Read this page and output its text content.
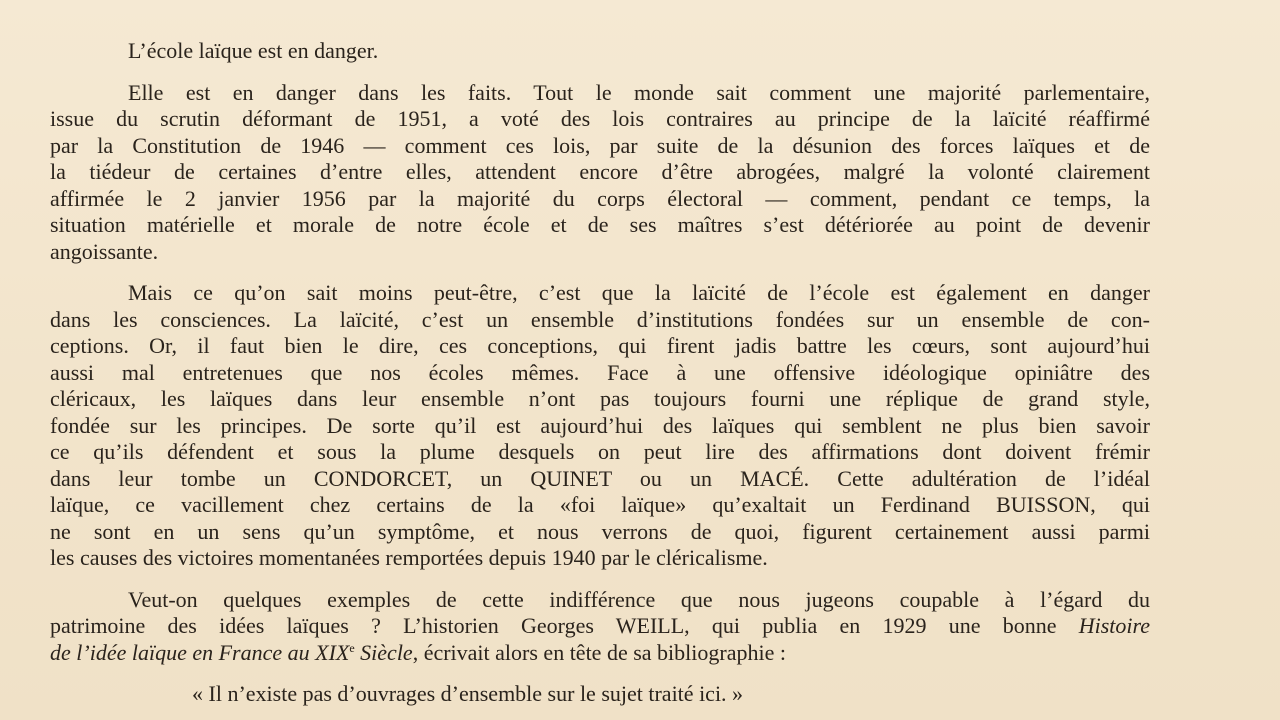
L’école laïque est en danger.
Elle est en danger dans les faits. Tout le monde sait comment une majorité parlementaire,
issue du scrutin déformant de 1951, a voté des lois contraires au principe de la laïcité réaffirmé
par la Constitution de 1946 — comment ces lois, par suite de la désunion des forces laïques et de
la tiédeur de certaines d’entre elles, attendent encore d’être abrogées, malgré la volonté clairement
affirmée le 2 janvier 1956 par la majorité du corps électoral — comment, pendant ce temps, la
situation matérielle et morale de notre école et de ses maîtres s’est détériorée au point de devenir
angoissante.
Mais ce qu’on sait moins peut-être, c’est que la laïcité de l’école est également en danger
dans les consciences. La laïcité, c’est un ensemble d’institutions fondées sur un ensemble de con-
ceptions. Or, il faut bien le dire, ces conceptions, qui firent jadis battre les cœurs, sont aujourd’hui
aussi mal entretenues que nos écoles mêmes. Face à une offensive idéologique opiniâtre des
cléricaux, les laïques dans leur ensemble n’ont pas toujours fourni une réplique de grand style,
fondée sur les principes. De sorte qu’il est aujourd’hui des laïques qui semblent ne plus bien savoir
ce qu’ils défendent et sous la plume desquels on peut lire des affirmations dont doivent frémir
dans leur tombe un CONDORCET, un QUINET ou un MACÉ. Cette adultération de l’idéal
laïque, ce vacillement chez certains de la «foi laïque» qu’exaltait un Ferdinand BUISSON, qui
ne sont en un sens qu’un symptôme, et nous verrons de quoi, figurent certainement aussi parmi
les causes des victoires momentanées remportées depuis 1940 par le cléricalisme.
Veut-on quelques exemples de cette indifférence que nous jugeons coupable à l’égard du
patrimoine des idées laïques ? L’historien Georges WEILL, qui publia en 1929 une bonne Histoire
de l’idée laïque en France au XIXe Siècle, écrivait alors en tête de sa bibliographie :
« Il n’existe pas d’ouvrages d’ensemble sur le sujet traité ici. »
